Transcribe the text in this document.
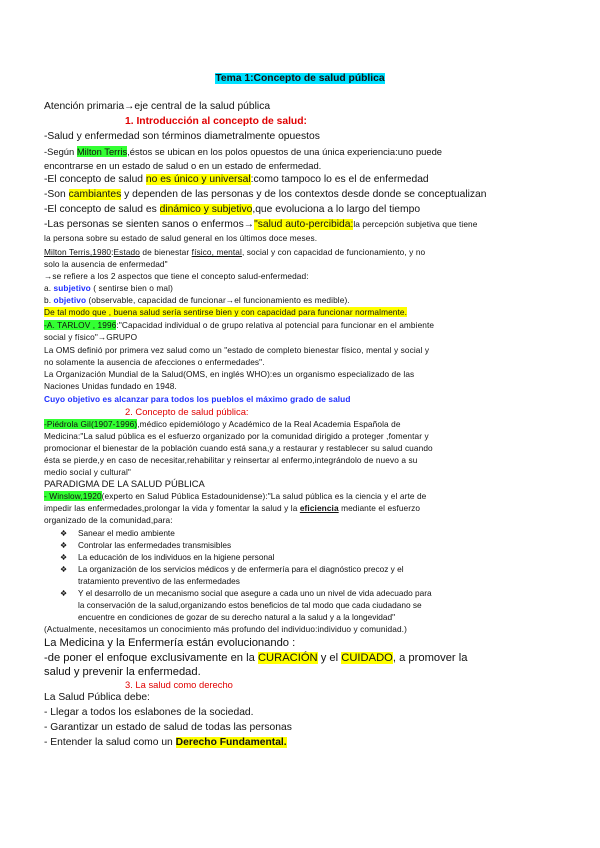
Tema 1:Concepto de salud pública
Atención primaria→eje central de la salud pública
1. Introducción al concepto de salud:
-Salud y enfermedad son términos diametralmente opuestos
-Según Milton Terris,éstos se ubican en los polos opuestos de una única experiencia:uno puede
encontrarse en un estado de salud o en un estado de enfermedad.
-El concepto de salud no es único y universal:como tampoco lo es el de enfermedad
-Son cambiantes y dependen de las personas y de los contextos desde donde se conceptualizan
-El concepto de salud es dinámico y subjetivo,que evoluciona a lo largo del tiempo
-Las personas se sienten sanos o enfermos→"salud auto-percibida:la percepción subjetiva que tiene
la persona sobre su estado de salud general en los últimos doce meses.
Milton Terris,1980:Estado de bienestar físico, mental, social y con capacidad de funcionamiento, y no
solo la ausencia de enfermedad"
→se refiere a los 2 aspectos que tiene el concepto salud-enfermedad:
a. subjetivo ( sentirse bien o mal)
b. objetivo (observable, capacidad de funcionar→el funcionamiento es medible).
De tal modo que , buena salud sería sentirse bien y con capacidad para funcionar normalmente.
-A. TARLOV , 1996:"Capacidad individual o de grupo relativa al potencial para funcionar en el ambiente
social y físico"→GRUPO
La OMS definió por primera vez salud como un "estado de completo bienestar físico, mental y social y
no solamente la ausencia de afecciones o enfermedades".
La Organización Mundial de la Salud(OMS, en inglés WHO):es un organismo especializado de las
Naciones Unidas fundado en 1948.
Cuyo objetivo es alcanzar para todos los pueblos el máximo grado de salud
2. Concepto de salud pública:
-Piédrola Gil(1907-1996),médico epidemiólogo y Académico de la Real Academia Española de
Medicina:"La salud pública es el esfuerzo organizado por la comunidad dirigido a proteger ,fomentar y
promocionar el bienestar de la población cuando está sana,y a restaurar y restablecer su salud cuando
ésta se pierde,y en caso de necesitar,rehabilitar y reinsertar al enfermo,integrándolo de nuevo a su
medio social y cultural"
PARADIGMA DE LA SALUD PÚBLICA
- Winslow,1920(experto en Salud Pública Estadounidense):"La salud pública es la ciencia y el arte de
impedir las enfermedades,prolongar la vida y fomentar la salud y la eficiencia mediante el esfuerzo
organizado de la comunidad,para:
❖ Sanear el medio ambiente
❖ Controlar las enfermedades transmisibles
❖ La educación de los individuos en la higiene personal
❖ La organización de los servicios médicos y de enfermería para el diagnóstico precoz y el
tratamiento preventivo de las enfermedades
❖ Y el desarrollo de un mecanismo social que asegure a cada uno un nivel de vida adecuado para
la conservación de la salud,organizando estos beneficios de tal modo que cada ciudadano se
encuentre en condiciones de gozar de su derecho natural a la salud y a la longevidad"
(Actualmente, necesitamos un conocimiento más profundo del individuo:individuo y comunidad.)
La Medicina y la Enfermería están evolucionando :
-de poner el enfoque exclusivamente en la CURACIÓN y el CUIDADO, a promover la
salud y prevenir la enfermedad.
3. La salud como derecho
La Salud Pública debe:
- Llegar a todos los eslabones de la sociedad.
- Garantizar un estado de salud de todas las personas
- Entender la salud como un Derecho Fundamental.
